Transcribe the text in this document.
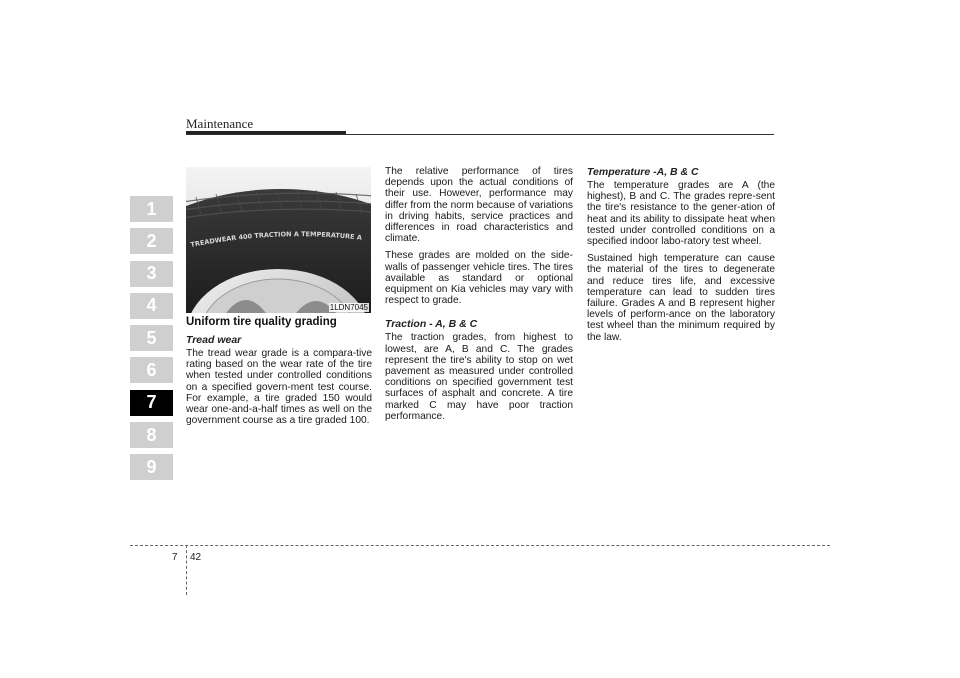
Maintenance
1
2
3
4
5
6
7
8
9
TREADWEAR 400 TRACTION A TEMPERATURE A
1LDN7045

Uniform tire quality grading

Tread wear

The tread wear grade is a compara-tive rating based on the wear rate of the tire when tested under controlled conditions on a specified govern-ment test course. For example, a tire graded 150 would wear one-and-a-half times as well on the government course as a tire graded 100.

The relative performance of tires depends upon the actual conditions of their use. However, performance may differ from the norm because of variations in driving habits, service practices and differences in road characteristics and climate.

These grades are molded on the side-walls of passenger vehicle tires. The tires available as standard or optional equipment on Kia vehicles may vary with respect to grade.

Traction - A, B & C

The traction grades, from highest to lowest, are A, B and C. The grades represent the tire's ability to stop on wet pavement as measured under controlled conditions on specified government test surfaces of asphalt and concrete. A tire marked C may have poor traction performance.

Temperature -A, B & C

The temperature grades are A (the highest), B and C. The grades repre-sent the tire's resistance to the gener-ation of heat and its ability to dissipate heat when tested under controlled conditions on a specified indoor labo-ratory test wheel.

Sustained high temperature can cause the material of the tires to degenerate and reduce tires life, and excessive temperature can lead to sudden tires failure. Grades A and B represent higher levels of perform-ance on the laboratory test wheel than the minimum required by the law.

7 42
